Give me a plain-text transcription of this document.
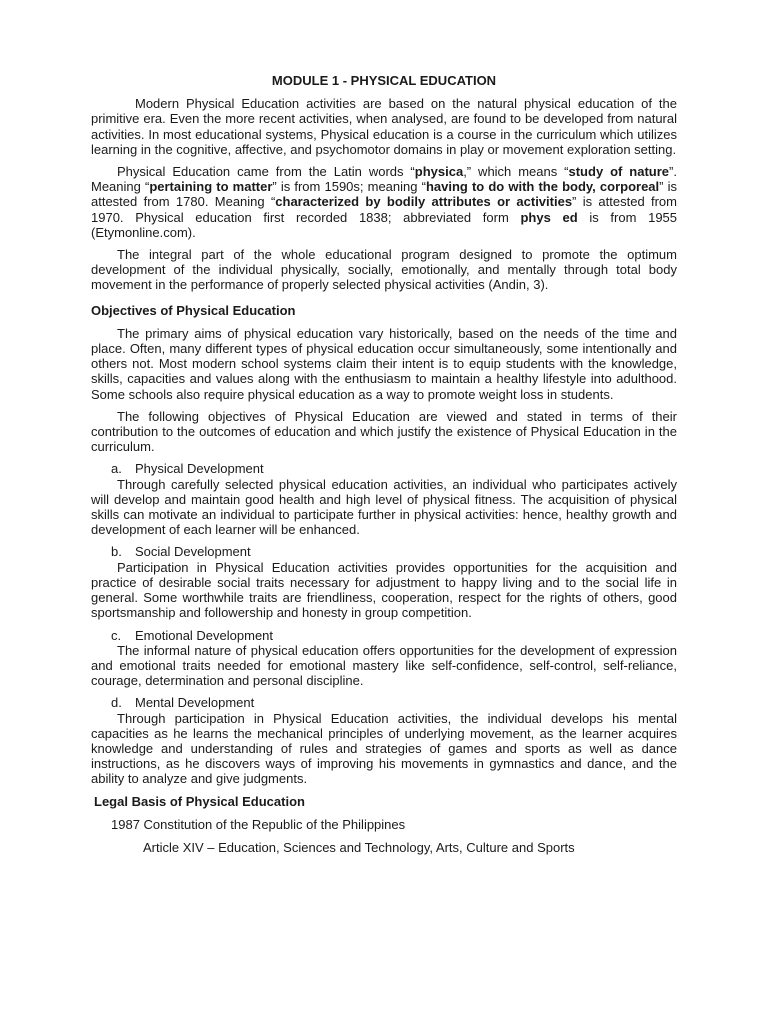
MODULE 1 - PHYSICAL EDUCATION

Modern Physical Education activities are based on the natural physical education of the primitive era. Even the more recent activities, when analysed, are found to be developed from natural activities. In most educational systems, Physical education is a course in the curriculum which utilizes learning in the cognitive, affective, and psychomotor domains in play or movement exploration setting.

Physical Education came from the Latin words “physica,” which means “study of nature”. Meaning “pertaining to matter” is from 1590s; meaning “having to do with the body, corporeal” is attested from 1780. Meaning “characterized by bodily attributes or activities” is attested from 1970. Physical education first recorded 1838; abbreviated form phys ed is from 1955 (Etymonline.com).

The integral part of the whole educational program designed to promote the optimum development of the individual physically, socially, emotionally, and mentally through total body movement in the performance of properly selected physical activities (Andin, 3).

Objectives of Physical Education

The primary aims of physical education vary historically, based on the needs of the time and place. Often, many different types of physical education occur simultaneously, some intentionally and others not. Most modern school systems claim their intent is to equip students with the knowledge, skills, capacities and values along with the enthusiasm to maintain a healthy lifestyle into adulthood. Some schools also require physical education as a way to promote weight loss in students.

The following objectives of Physical Education are viewed and stated in terms of their contribution to the outcomes of education and which justify the existence of Physical Education in the curriculum.

a. Physical Development

Through carefully selected physical education activities, an individual who participates actively will develop and maintain good health and high level of physical fitness. The acquisition of physical skills can motivate an individual to participate further in physical activities: hence, healthy growth and development of each learner will be enhanced.

b. Social Development

Participation in Physical Education activities provides opportunities for the acquisition and practice of desirable social traits necessary for adjustment to happy living and to the social life in general. Some worthwhile traits are friendliness, cooperation, respect for the rights of others, good sportsmanship and followership and honesty in group competition.

c. Emotional Development

The informal nature of physical education offers opportunities for the development of expression and emotional traits needed for emotional mastery like self-confidence, self-control, self-reliance, courage, determination and personal discipline.

d. Mental Development

Through participation in Physical Education activities, the individual develops his mental capacities as he learns the mechanical principles of underlying movement, as the learner acquires knowledge and understanding of rules and strategies of games and sports as well as dance instructions, as he discovers ways of improving his movements in gymnastics and dance, and the ability to analyze and give judgments.

Legal Basis of Physical Education

1987 Constitution of the Republic of the Philippines

Article XIV – Education, Sciences and Technology, Arts, Culture and Sports
